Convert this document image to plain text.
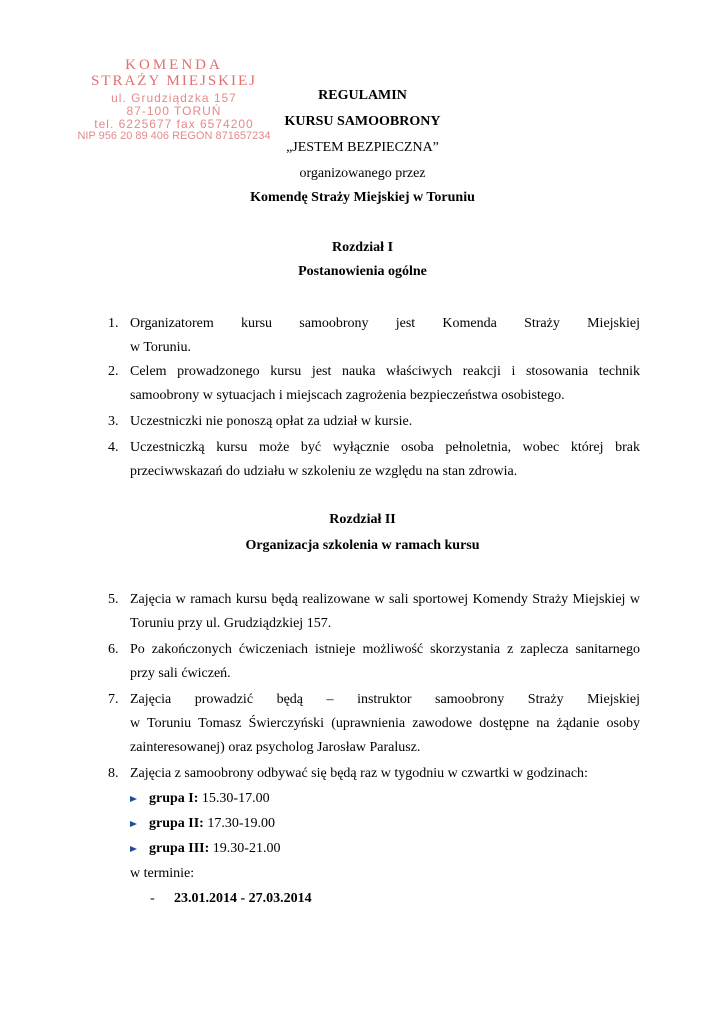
KOMENDA
STRAŻY MIEJSKIEJ
ul. Grudziądzka 157
87-100 TORUŃ
tel. 6225677 fax 6574200
NIP 956 20 89 406 REGON 871657234
REGULAMIN
KURSU SAMOOBRONY
„JESTEM BEZPIECZNA”
organizowanego przez
Komendę Straży Miejskiej w Toruniu
Rozdział I
Postanowienia ogólne
1. Organizatorem kursu samoobrony jest Komenda Straży Miejskiej
w Toruniu.
2. Celem prowadzonego kursu jest nauka właściwych reakcji i stosowania technik samoobrony w sytuacjach i miejscach zagrożenia bezpieczeństwa osobistego.
3. Uczestniczki nie ponoszą opłat za udział w kursie.
4. Uczestniczką kursu może być wyłącznie osoba pełnoletnia, wobec której brak przeciwwskazań do udziału w szkoleniu ze względu na stan zdrowia.
Rozdział II
Organizacja szkolenia w ramach kursu
5. Zajęcia w ramach kursu będą realizowane w sali sportowej Komendy Straży Miejskiej w Toruniu przy ul. Grudziądzkiej 157.
6. Po zakończonych ćwiczeniach istnieje możliwość skorzystania z zaplecza sanitarnego przy sali ćwiczeń.
7. Zajęcia prowadzić będą – instruktor samoobrony Straży Miejskiej
w Toruniu Tomasz Świerczyński (uprawnienia zawodowe dostępne na żądanie osoby zainteresowanej) oraz psycholog Jarosław Paralusz.
8. Zajęcia z samoobrony odbywać się będą raz w tygodniu w czwartki w godzinach:
grupa I: 15.30-17.00
grupa II: 17.30-19.00
grupa III: 19.30-21.00
w terminie:
- 23.01.2014 - 27.03.2014
